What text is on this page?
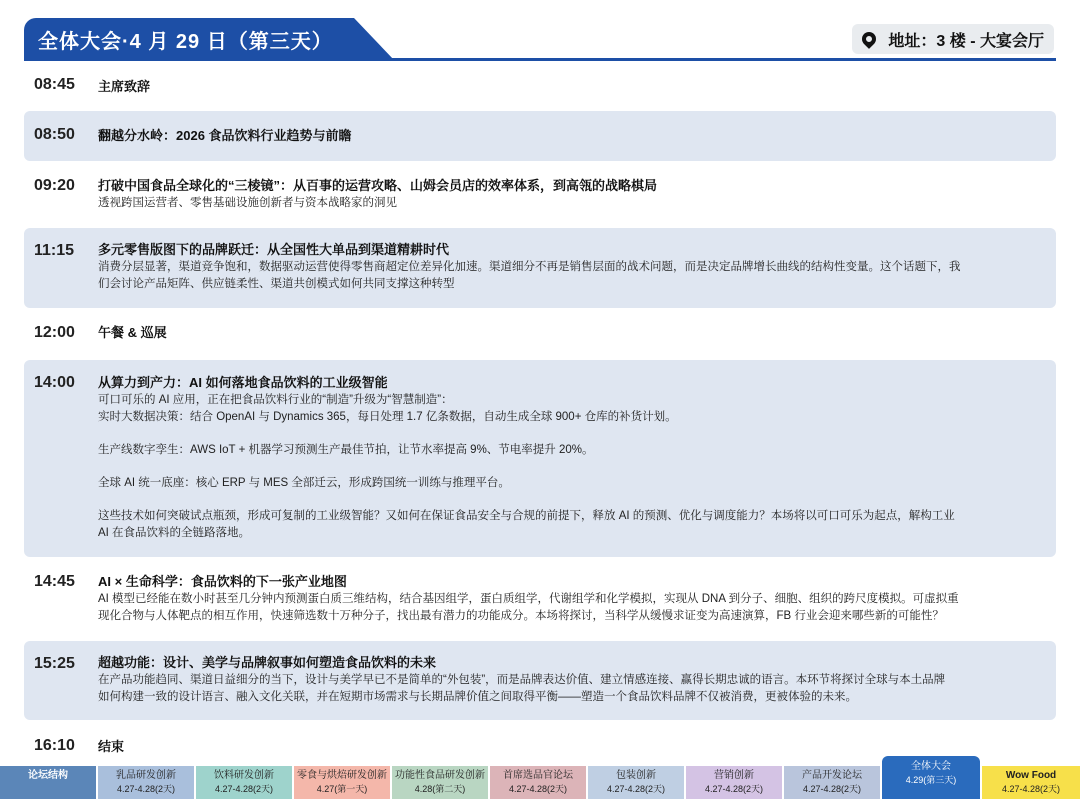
全体大会·4 月 29 日（第三天）	地址：3 楼 - 大宴会厅
08:45 主席致辞
08:50 翻越分水岭：2026 食品饮料行业趋势与前瞻
09:20 打破中国食品全球化的“三棱镜”：从百事的运营攻略、山姆会员店的效率体系，到高瓴的战略棋局
透视跨国运营者、零售基础设施创新者与资本战略家的洞见
11:15 多元零售版图下的品牌跃迁：从全国性大单品到渠道精耕时代
消费分层显著，渠道竞争饱和，数据驱动运营使得零售商超定位差异化加速。渠道细分不再是销售层面的战术问题，而是决定品牌增长曲线的结构性变量。这个话题下，我
们会讨论产品矩阵、供应链柔性、渠道共创模式如何共同支撑这种转型
12:00 午餐 & 巡展
14:00 从算力到产力：AI 如何落地食品饮料的工业级智能
可口可乐的 AI 应用，正在把食品饮料行业的“制造”升级为“智慧制造”：
实时大数据决策：结合 OpenAI 与 Dynamics 365，每日处理 1.7 亿条数据，自动生成全球 900+ 仓库的补货计划。
生产线数字孪生：AWS IoT + 机器学习预测生产最佳节拍，让节水率提高 9%、节电率提升 20%。
全球 AI 统一底座：核心 ERP 与 MES 全部迁云，形成跨国统一训练与推理平台。
这些技术如何突破试点瓶颈，形成可复制的工业级智能？又如何在保证食品安全与合规的前提下，释放 AI 的预测、优化与调度能力？本场将以可口可乐为起点，解构工业
AI 在食品饮料的全链路落地。
14:45 AI × 生命科学：食品饮料的下一张产业地图
AI 模型已经能在数小时甚至几分钟内预测蛋白质三维结构，结合基因组学，蛋白质组学，代谢组学和化学模拟，实现从 DNA 到分子、细胞、组织的跨尺度模拟。可虚拟重
现化合物与人体靶点的相互作用，快速筛选数十万种分子，找出最有潜力的功能成分。本场将探讨，当科学从缓慢求证变为高速演算，FB 行业会迎来哪些新的可能性？
15:25 超越功能：设计、美学与品牌叙事如何塑造食品饮料的未来
在产品功能趋同、渠道日益细分的当下，设计与美学早已不是简单的“外包装”，而是品牌表达价值、建立情感连接、赢得长期忠诚的语言。本环节将探讨全球与本土品牌
如何构建一致的设计语言、融入文化关联，并在短期市场需求与长期品牌价值之间取得平衡——塑造一个食品饮料品牌不仅被消费，更被体验的未来。
16:10 结束
论坛结构	乳品研发创新
4.27-4.28(2天)
饮料研发创新
4.27-4.28(2天)
零食与烘焙研发创新
4.27(第一天)
功能性食品研发创新
4.28(第二天)
首席选品官论坛
4.27-4.28(2天)
包装创新
4.27-4.28(2天)
营销创新
4.27-4.28(2天)
产品开发论坛
4.27-4.28(2天)
全体大会
4.29(第三天)	Wow Food
4.27-4.28(2天)
